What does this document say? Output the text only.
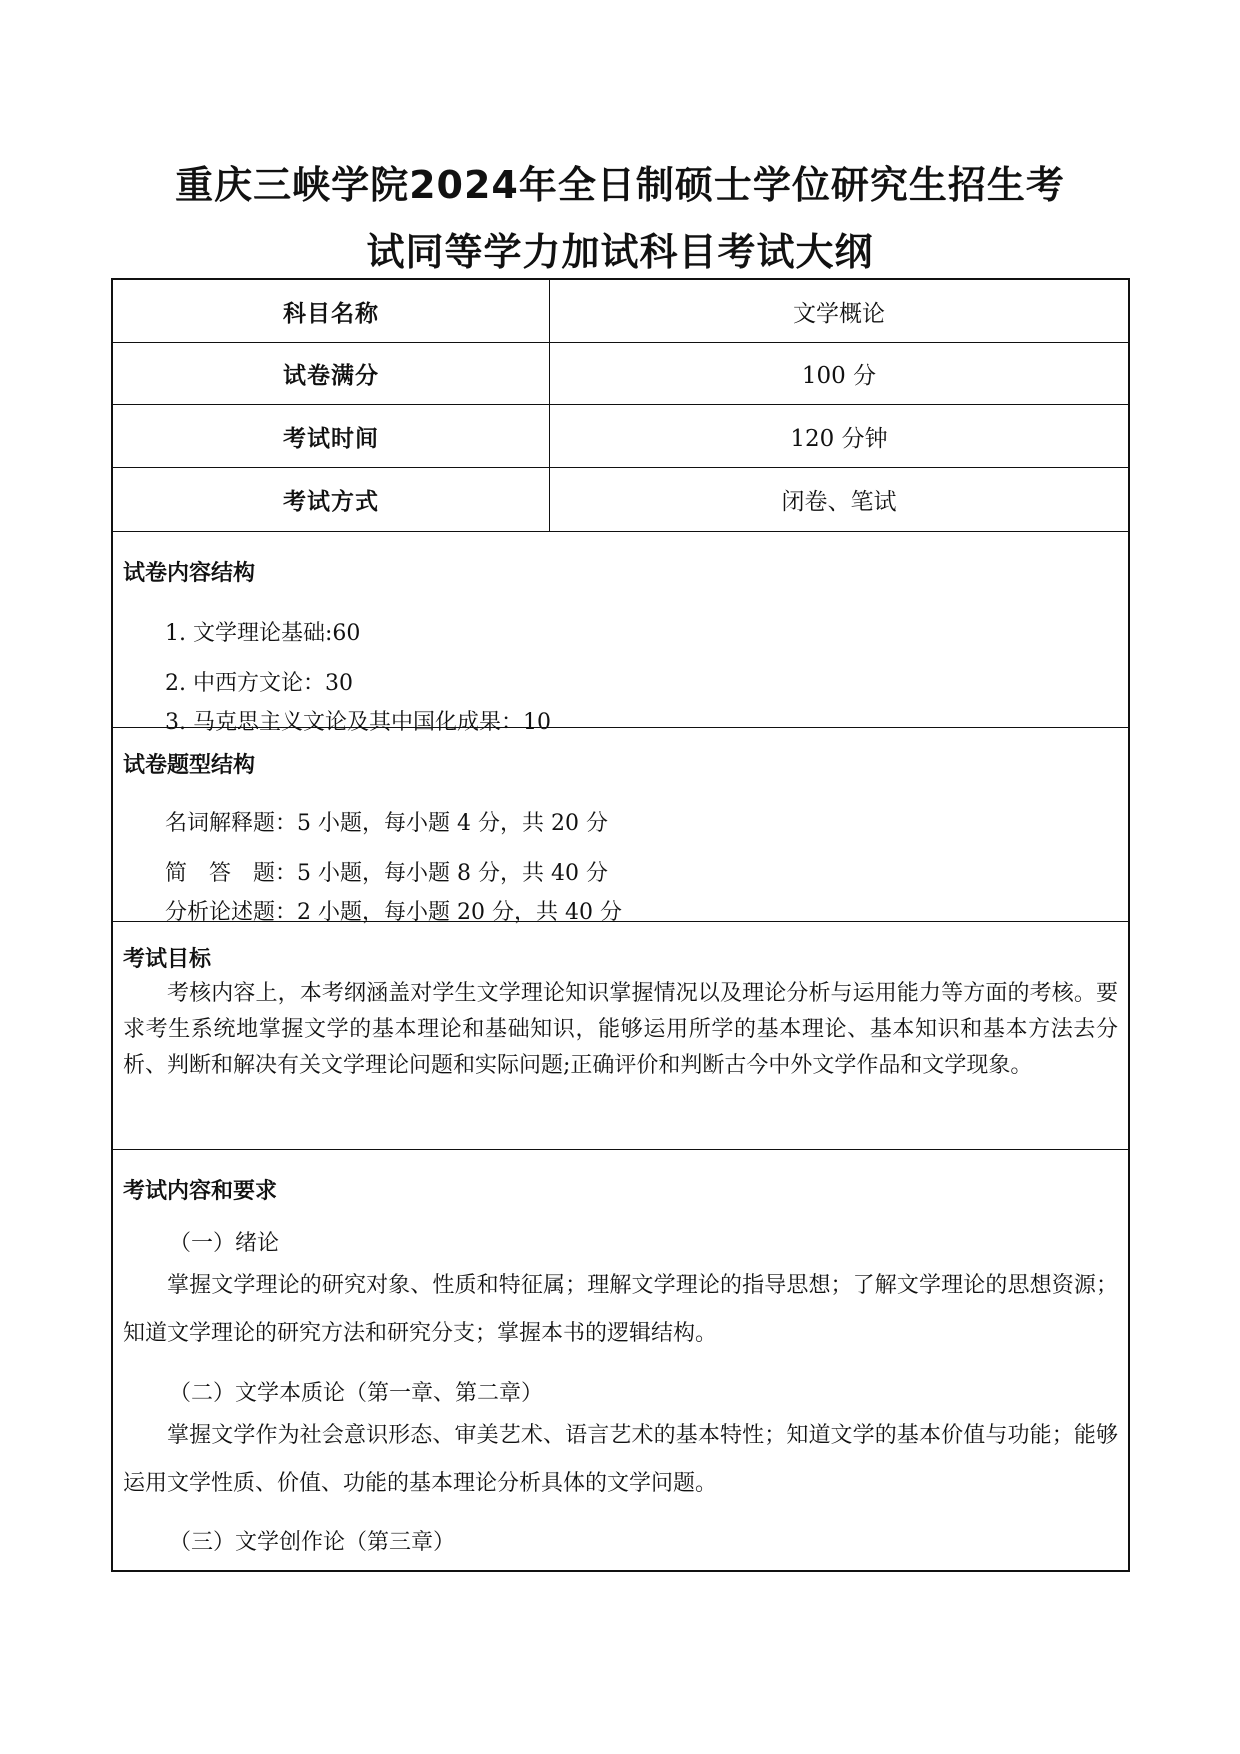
重庆三峡学院2024年全日制硕士学位研究生招生考
试同等学力加试科目考试大纲
科目名称	文学概论
试卷满分	100 分
考试时间	120 分钟
考试方式	闭卷、笔试
试卷内容结构
1. 文学理论基础:60
2. 中西方文论：30
3. 马克思主义文论及其中国化成果：10
试卷题型结构
名词解释题：5 小题，每小题 4 分，共 20 分
简　答　题：5 小题，每小题 8 分，共 40 分
分析论述题：2 小题，每小题 20 分，共 40 分
考试目标
考核内容上，本考纲涵盖对学生文学理论知识掌握情况以及理论分析与运用能力等方面的考核。要求考生系统地掌握文学的基本理论和基础知识，能够运用所学的基本理论、基本知识和基本方法去分析、判断和解决有关文学理论问题和实际问题;正确评价和判断古今中外文学作品和文学现象。
考试内容和要求
（一）绪论
掌握文学理论的研究对象、性质和特征属；理解文学理论的指导思想；了解文学理论的思想资源；知道文学理论的研究方法和研究分支；掌握本书的逻辑结构。
（二）文学本质论（第一章、第二章）
掌握文学作为社会意识形态、审美艺术、语言艺术的基本特性；知道文学的基本价值与功能；能够运用文学性质、价值、功能的基本理论分析具体的文学问题。
（三）文学创作论（第三章）
